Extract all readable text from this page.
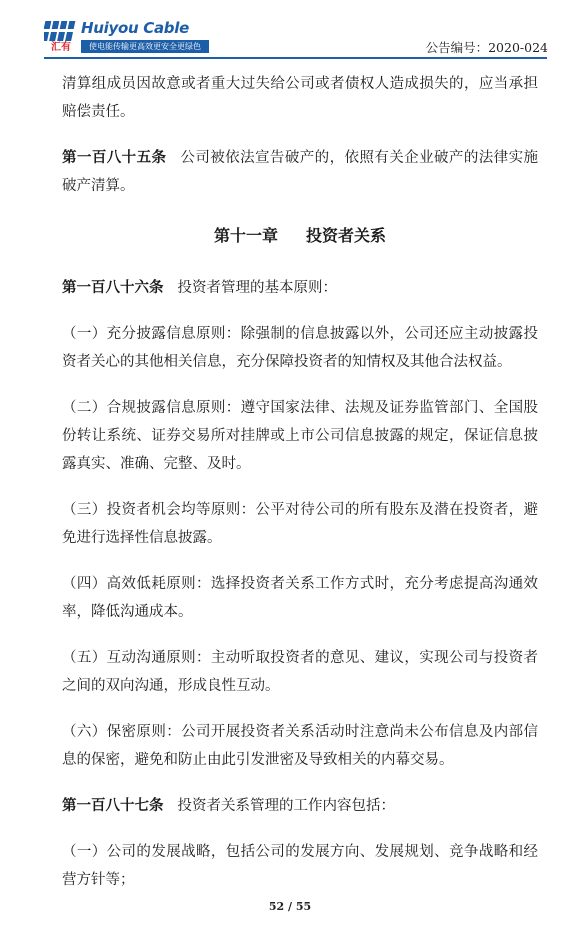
汇有
Huiyou Cable
使电能传输更高效更安全更绿色	公告编号：2020-024

清算组成员因故意或者重大过失给公司或者债权人造成损失的，应当承担赔偿责任。

第一百八十五条 公司被依法宣告破产的，依照有关企业破产的法律实施破产清算。

第十一章 投资者关系

第一百八十六条 投资者管理的基本原则：

（一）充分披露信息原则：除强制的信息披露以外，公司还应主动披露投资者关心的其他相关信息，充分保障投资者的知情权及其他合法权益。

（二）合规披露信息原则：遵守国家法律、法规及证券监管部门、全国股份转让系统、证券交易所对挂牌或上市公司信息披露的规定，保证信息披露真实、准确、完整、及时。

（三）投资者机会均等原则：公平对待公司的所有股东及潜在投资者，避免进行选择性信息披露。

（四）高效低耗原则：选择投资者关系工作方式时，充分考虑提高沟通效率，降低沟通成本。

（五）互动沟通原则：主动听取投资者的意见、建议，实现公司与投资者之间的双向沟通，形成良性互动。

（六）保密原则：公司开展投资者关系活动时注意尚未公布信息及内部信息的保密，避免和防止由此引发泄密及导致相关的内幕交易。

第一百八十七条 投资者关系管理的工作内容包括：

（一）公司的发展战略，包括公司的发展方向、发展规划、竞争战略和经营方针等；

52 / 55
